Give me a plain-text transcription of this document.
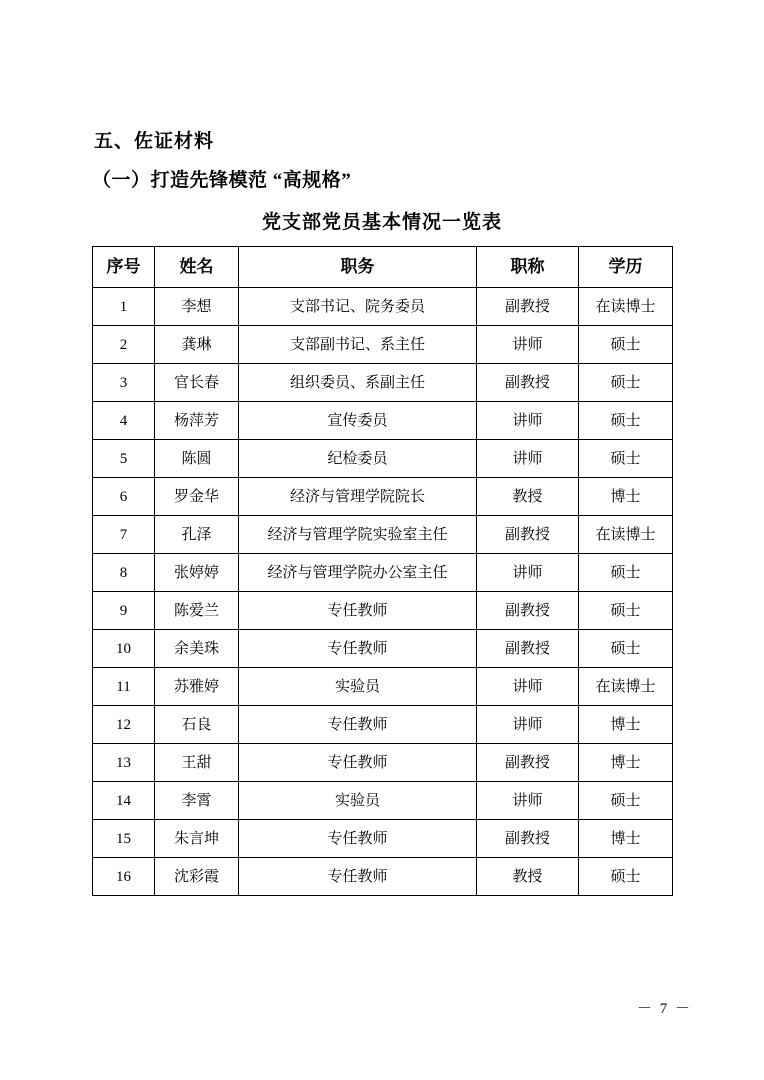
五、佐证材料
（一）打造先锋模范 “高规格”
党支部党员基本情况一览表
序号	姓名	职务	职称	学历
1	李想	支部书记、院务委员	副教授	在读博士
2	龚琳	支部副书记、系主任	讲师	硕士
3	官长春	组织委员、系副主任	副教授	硕士
4	杨萍芳	宣传委员	讲师	硕士
5	陈圆	纪检委员	讲师	硕士
6	罗金华	经济与管理学院院长	教授	博士
7	孔泽	经济与管理学院实验室主任	副教授	在读博士
8	张婷婷	经济与管理学院办公室主任	讲师	硕士
9	陈爱兰	专任教师	副教授	硕士
10	余美珠	专任教师	副教授	硕士
11	苏雅婷	实验员	讲师	在读博士
12	石良	专任教师	讲师	博士
13	王甜	专任教师	副教授	博士
14	李霄	实验员	讲师	硕士
15	朱言坤	专任教师	副教授	博士
16	沈彩霞	专任教师	教授	硕士
－ 7 －
